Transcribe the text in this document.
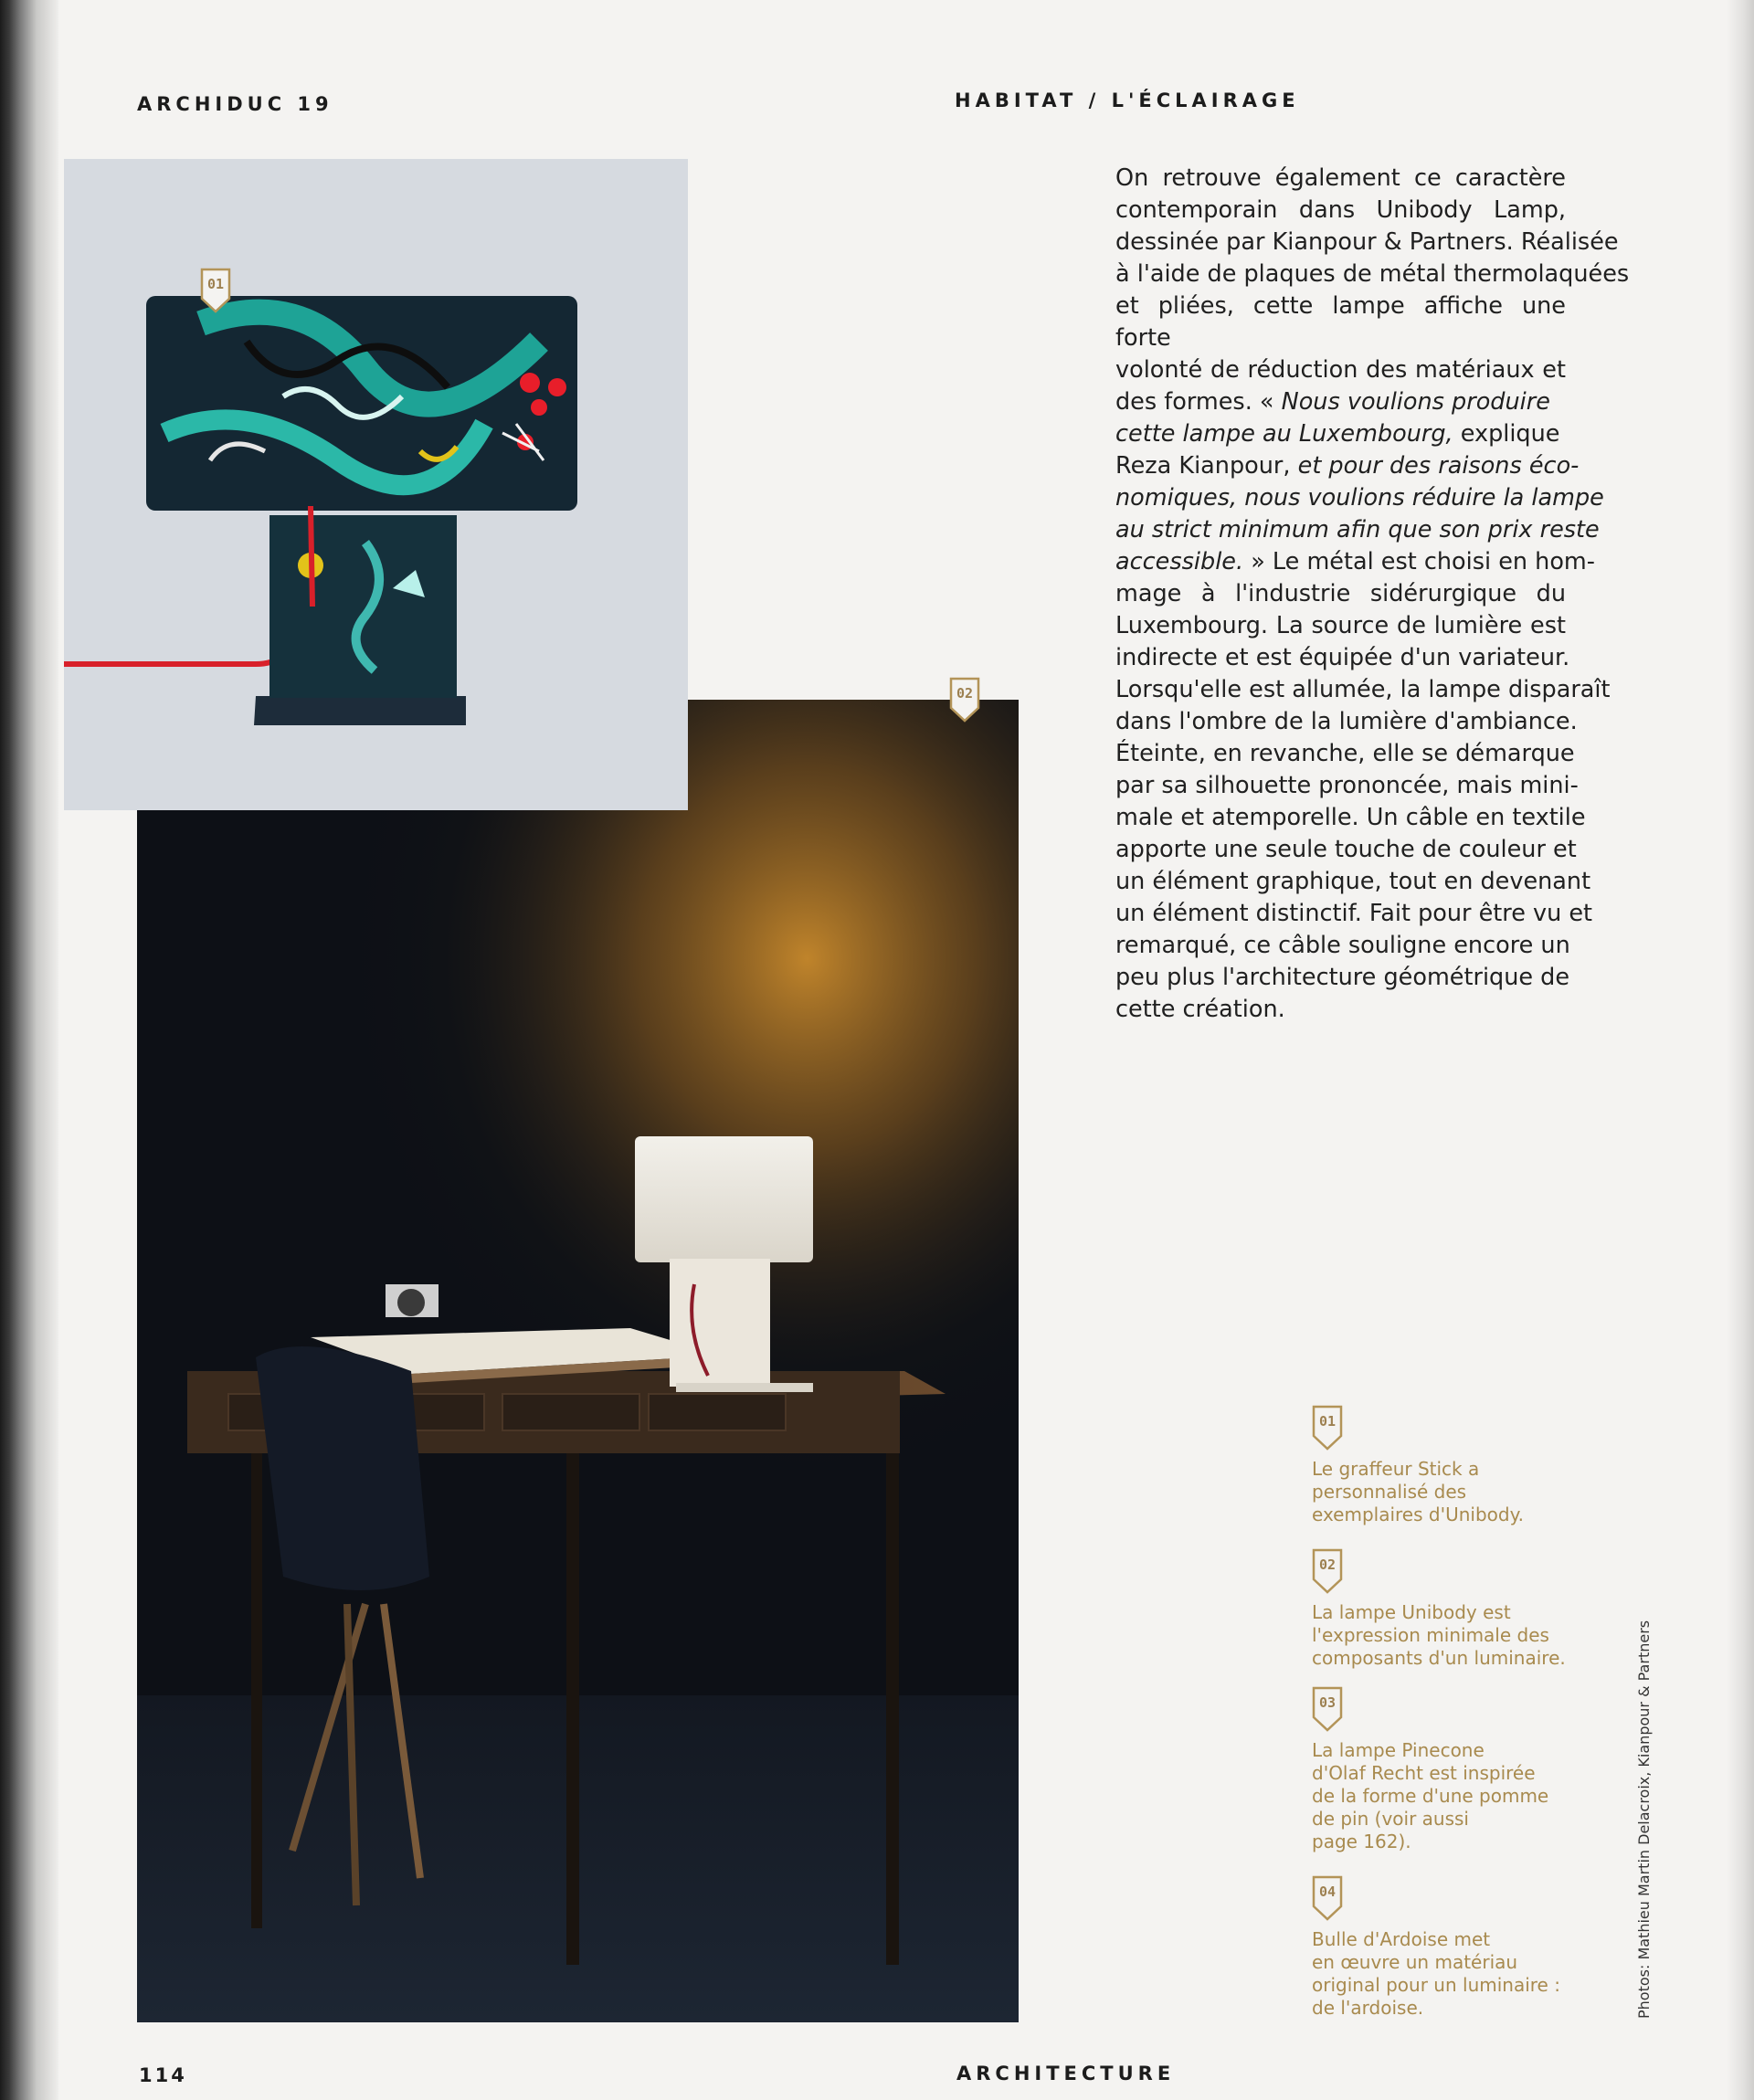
ARCHIDUC 19	HABITAT / L'ÉCLAIRAGE
01
02
On retrouve également ce caractère
contemporain dans Unibody Lamp,
dessinée par Kianpour & Partners. Réalisée
à l'aide de plaques de métal thermolaquées
et pliées, cette lampe affiche une forte
volonté de réduction des matériaux et
des formes. « Nous voulions produire
cette lampe au Luxembourg, explique
Reza Kianpour, et pour des raisons éco-
nomiques, nous voulions réduire la lampe
au strict minimum afin que son prix reste
accessible. » Le métal est choisi en hom-
mage à l'industrie sidérurgique du
Luxembourg. La source de lumière est
indirecte et est équipée d'un variateur.
Lorsqu'elle est allumée, la lampe disparaît
dans l'ombre de la lumière d'ambiance.
Éteinte, en revanche, elle se démarque
par sa silhouette prononcée, mais mini-
male et atemporelle. Un câble en textile
apporte une seule touche de couleur et
un élément graphique, tout en devenant
un élément distinctif. Fait pour être vu et
remarqué, ce câble souligne encore un
peu plus l'architecture géométrique de
cette création.
01
Le graffeur Stick a
personnalisé des
exemplaires d'Unibody.
02
La lampe Unibody est
l'expression minimale des
composants d'un luminaire.
03
La lampe Pinecone
d'Olaf Recht est inspirée
de la forme d'une pomme
de pin (voir aussi
page 162).
04
Bulle d'Ardoise met
en œuvre un matériau
original pour un luminaire :
de l'ardoise.	Photos: Mathieu Martin Delacroix, Kianpour & Partners
114	ARCHITECTURE
